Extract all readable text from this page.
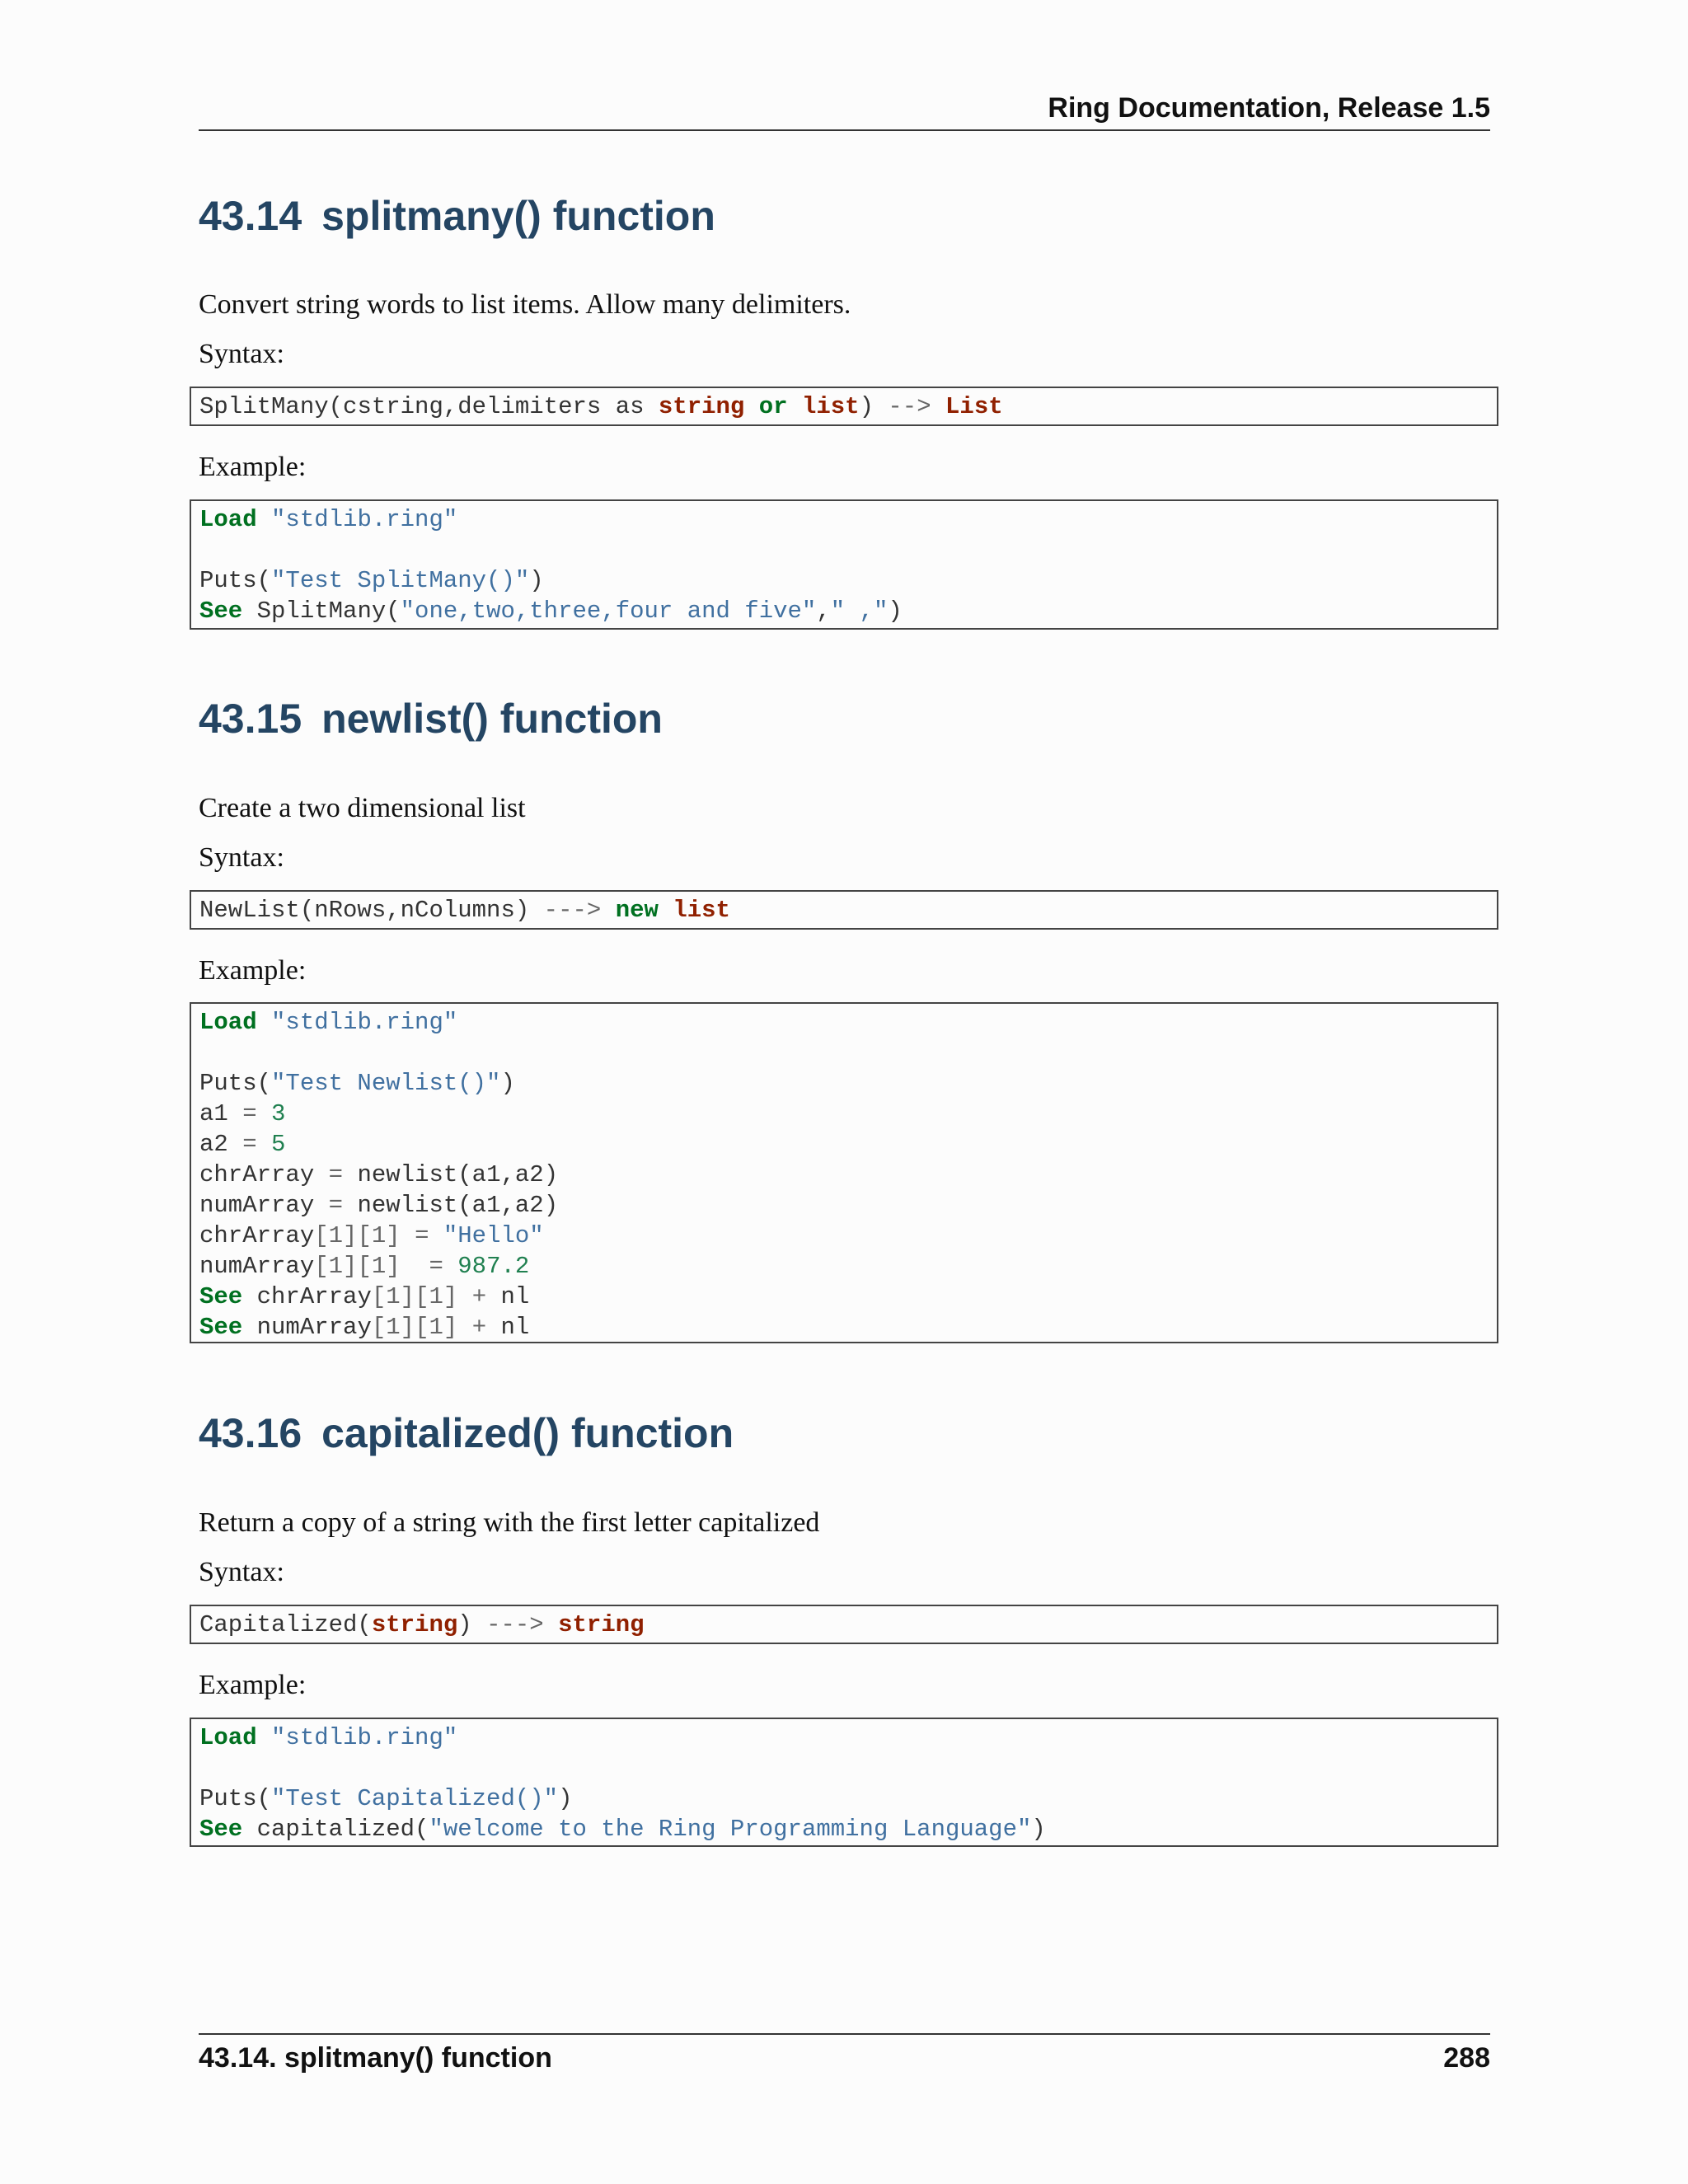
Ring Documentation, Release 1.5
43.14 splitmany() function

Convert string words to list items. Allow many delimiters.

Syntax:

SplitMany(cstring,delimiters as string or list) --> List

Example:

Load "stdlib.ring"
Puts("Test SplitMany()")
See SplitMany("one,two,three,four and five"," ,")
43.15 newlist() function

Create a two dimensional list

Syntax:

NewList(nRows,nColumns) ---> new list

Example:

Load "stdlib.ring"
Puts("Test Newlist()")
a1 = 3
a2 = 5
chrArray = newlist(a1,a2)
numArray = newlist(a1,a2)
chrArray[1][1] = "Hello"
numArray[1][1] = 987.2
See chrArray[1][1] + nl
See numArray[1][1] + nl
43.16 capitalized() function

Return a copy of a string with the first letter capitalized

Syntax:

Capitalized(string) ---> string

Example:

Load "stdlib.ring"
Puts("Test Capitalized()")
See capitalized("welcome to the Ring Programming Language")
43.14. splitmany() function	288
